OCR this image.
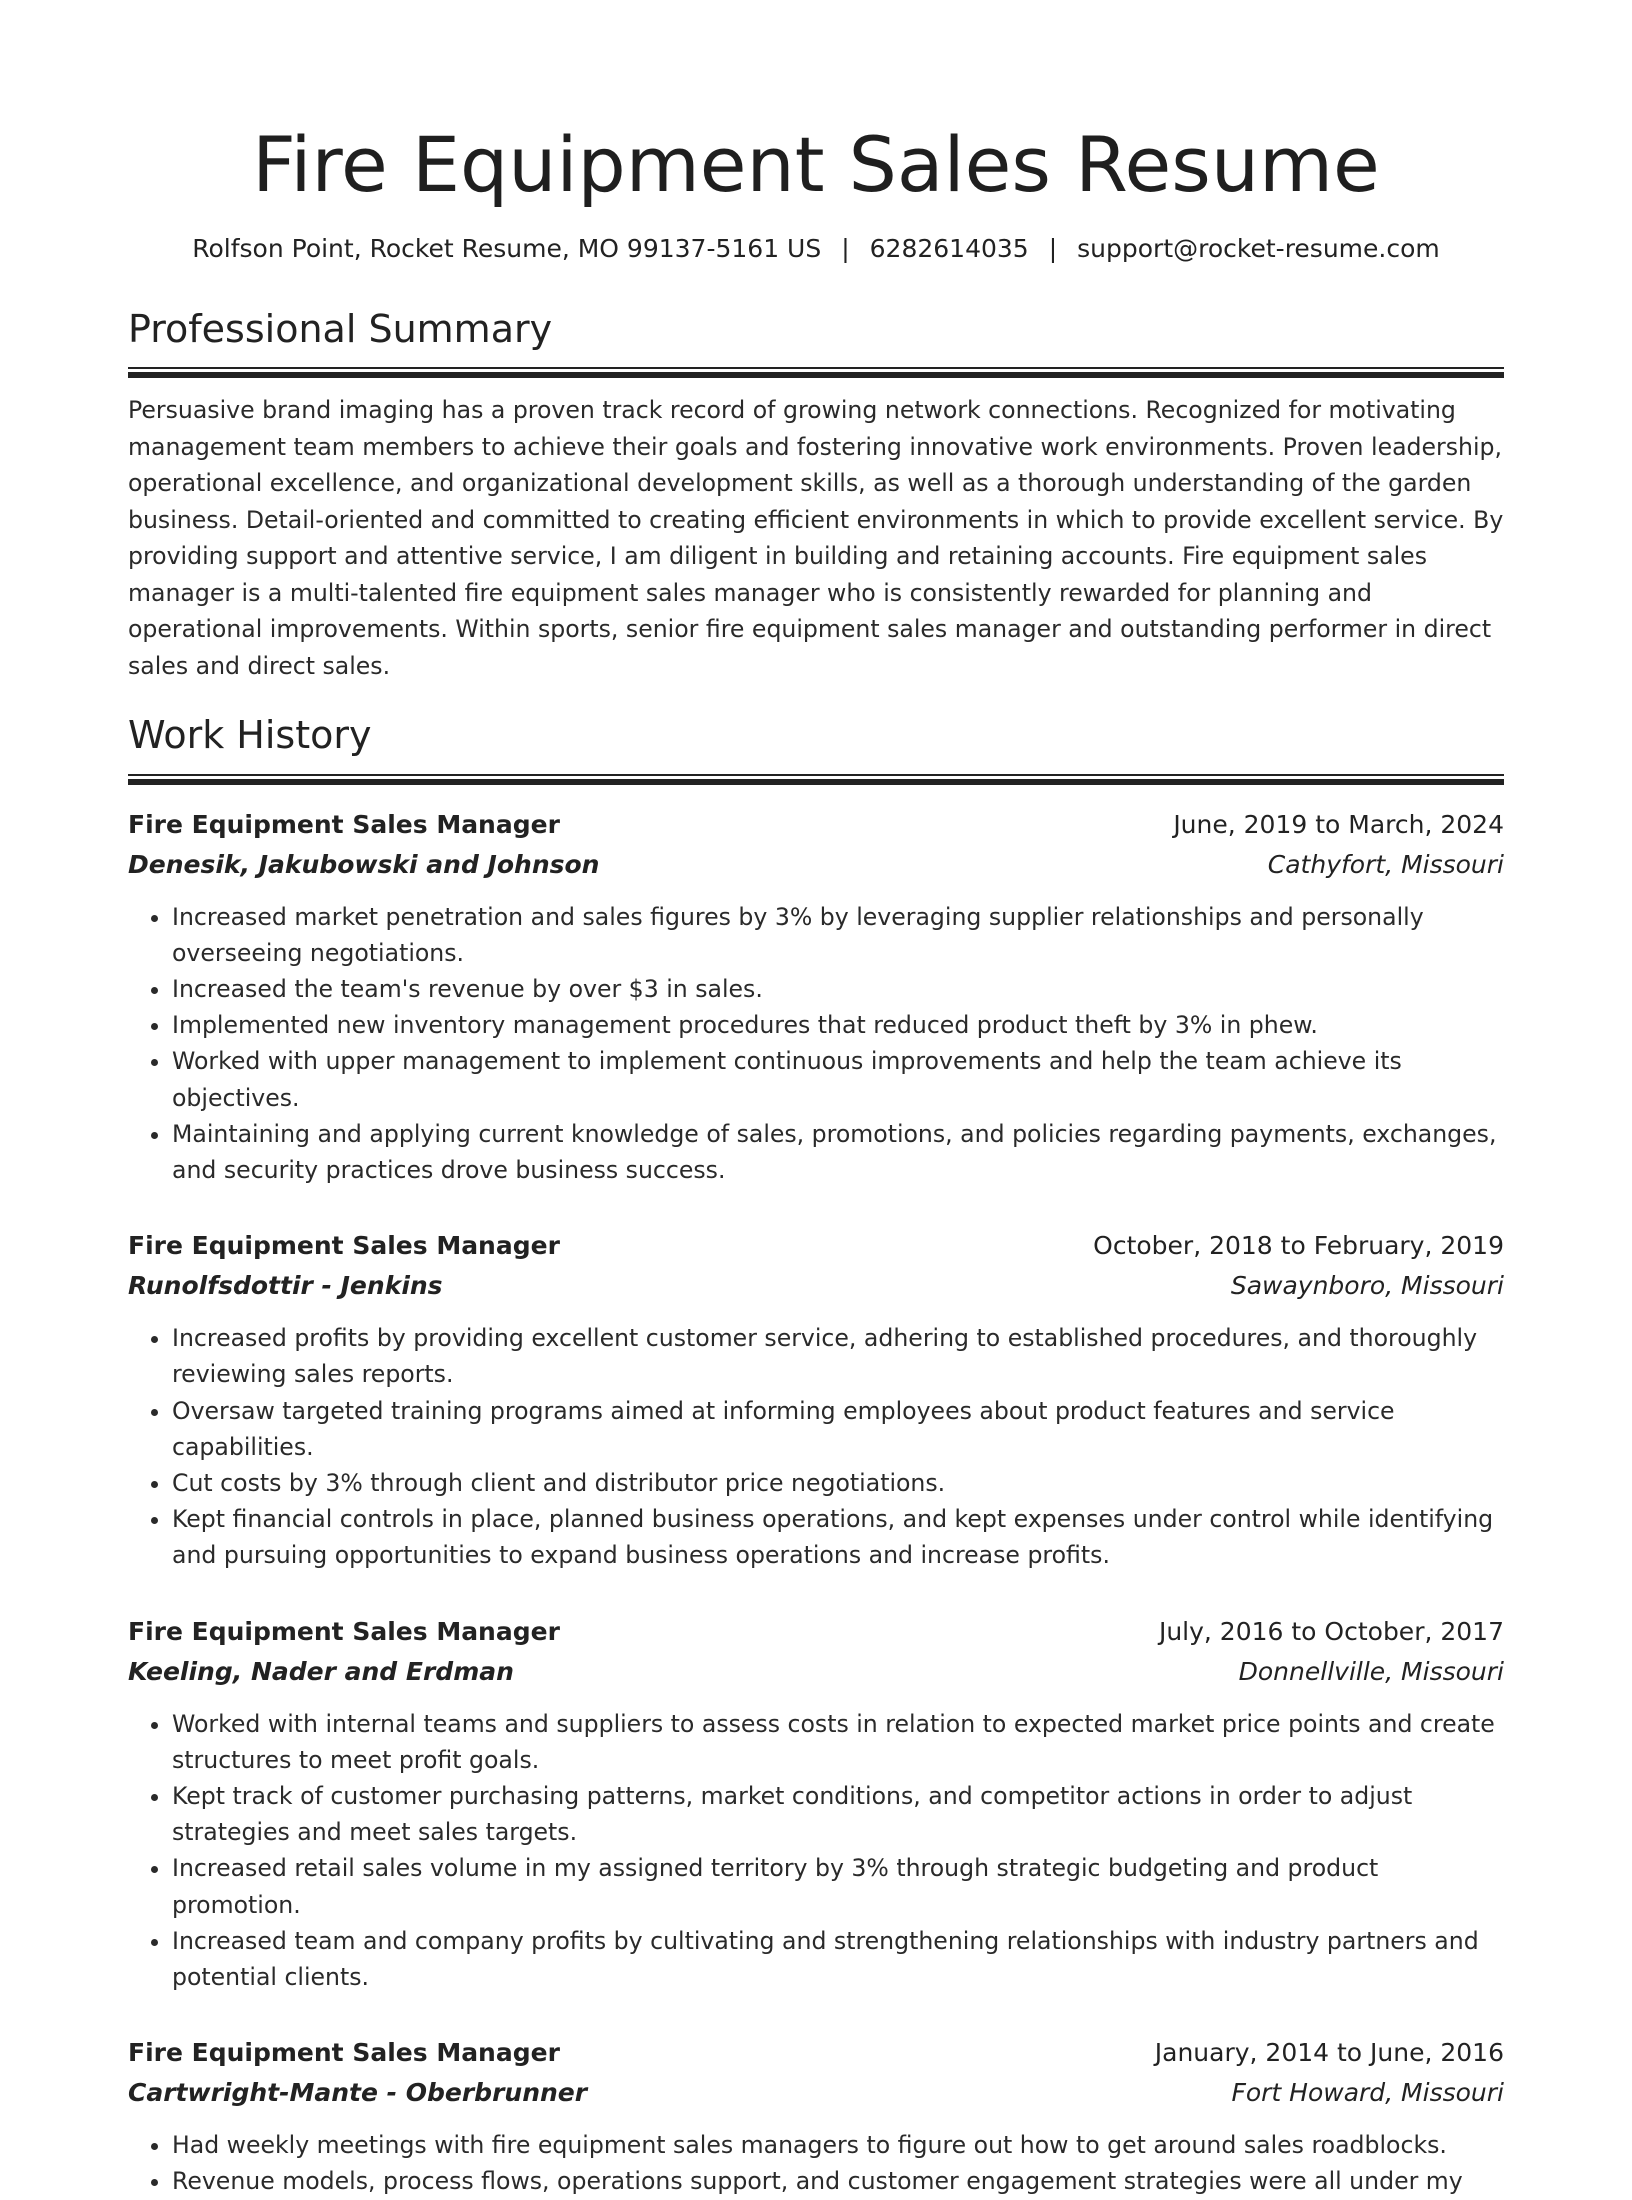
Fire Equipment Sales Resume
Rolfson Point, Rocket Resume, MO 99137-5161 US | 6282614035 | support@rocket-resume.com
Professional Summary

Persuasive brand imaging has a proven track record of growing network connections. Recognized for motivating management team members to achieve their goals and fostering innovative work environments. Proven leadership, operational excellence, and organizational development skills, as well as a thorough understanding of the garden business. Detail-oriented and committed to creating efficient environments in which to provide excellent service. By providing support and attentive service, I am diligent in building and retaining accounts. Fire equipment sales manager is a multi-talented fire equipment sales manager who is consistently rewarded for planning and operational improvements. Within sports, senior fire equipment sales manager and outstanding performer in direct sales and direct sales.

Work History
Fire Equipment Sales Manager	June, 2019 to March, 2024
Denesik, Jakubowski and Johnson	Cathyfort, Missouri
• Increased market penetration and sales figures by 3% by leveraging supplier relationships and personally overseeing negotiations.
• Increased the team's revenue by over $3 in sales.
• Implemented new inventory management procedures that reduced product theft by 3% in phew.
• Worked with upper management to implement continuous improvements and help the team achieve its objectives.
• Maintaining and applying current knowledge of sales, promotions, and policies regarding payments, exchanges, and security practices drove business success.
Fire Equipment Sales Manager	October, 2018 to February, 2019
Runolfsdottir - Jenkins	Sawaynboro, Missouri
• Increased profits by providing excellent customer service, adhering to established procedures, and thoroughly reviewing sales reports.
• Oversaw targeted training programs aimed at informing employees about product features and service capabilities.
• Cut costs by 3% through client and distributor price negotiations.
• Kept financial controls in place, planned business operations, and kept expenses under control while identifying and pursuing opportunities to expand business operations and increase profits.
Fire Equipment Sales Manager	July, 2016 to October, 2017
Keeling, Nader and Erdman	Donnellville, Missouri
• Worked with internal teams and suppliers to assess costs in relation to expected market price points and create structures to meet profit goals.
• Kept track of customer purchasing patterns, market conditions, and competitor actions in order to adjust strategies and meet sales targets.
• Increased retail sales volume in my assigned territory by 3% through strategic budgeting and product promotion.
• Increased team and company profits by cultivating and strengthening relationships with industry partners and potential clients.
Fire Equipment Sales Manager	January, 2014 to June, 2016
Cartwright-Mante - Oberbrunner	Fort Howard, Missouri
• Had weekly meetings with fire equipment sales managers to figure out how to get around sales roadblocks.
• Revenue models, process flows, operations support, and customer engagement strategies were all under my
